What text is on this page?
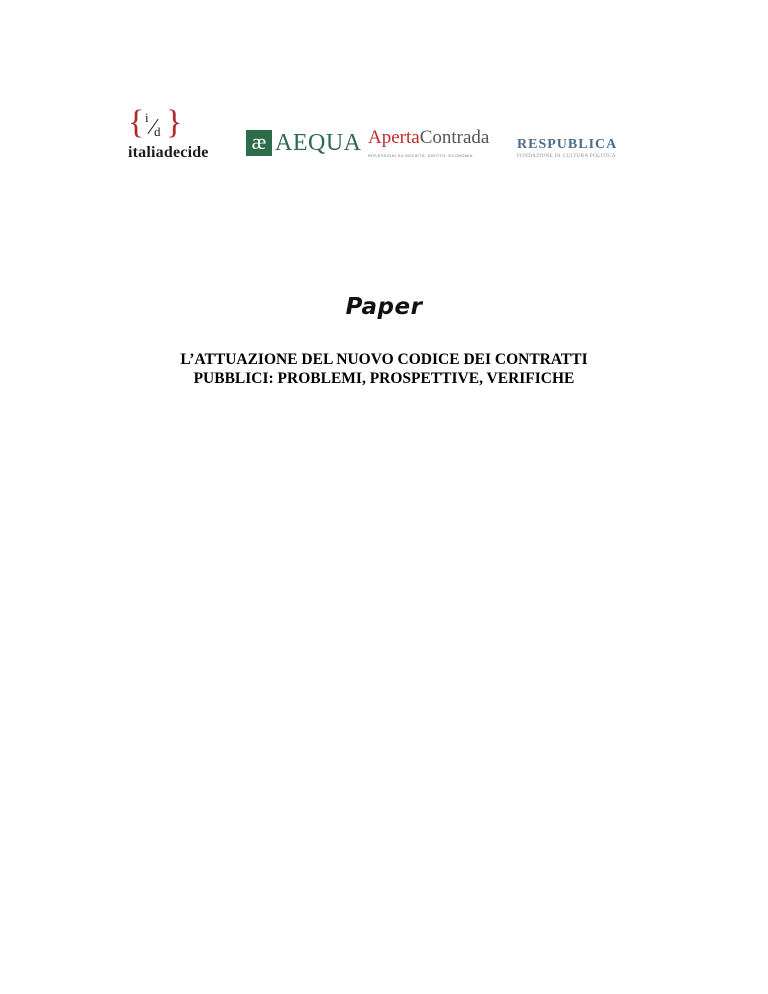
{ i
d }
italiadecide æ AEQUA ApertaContrada
RIFLESSIONI SU SOCIETÀ, DIRITTO, ECONOMIA
RESPUBLICA
FONDAZIONE DI CULTURA POLITICA
Paper
L’ATTUAZIONE DEL NUOVO CODICE DEI CONTRATTI
PUBBLICI: PROBLEMI, PROSPETTIVE, VERIFICHE
